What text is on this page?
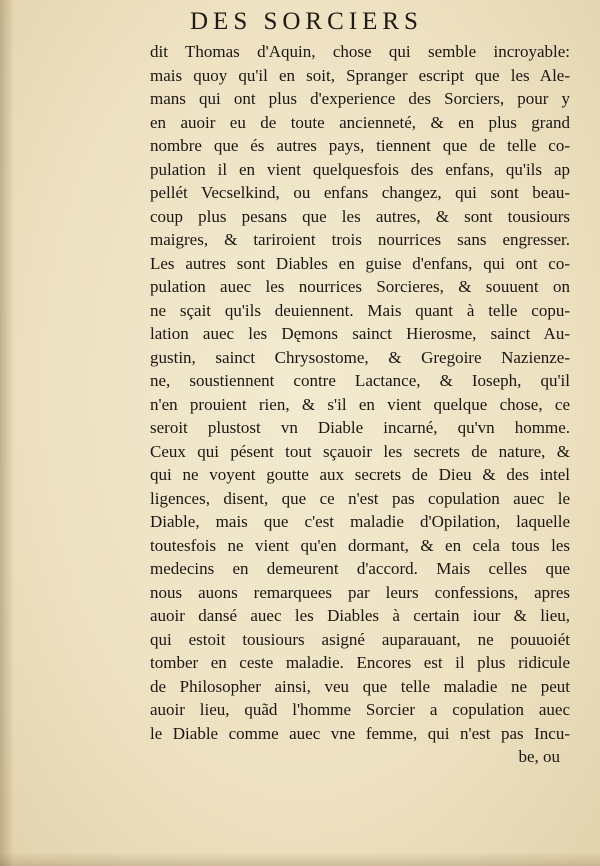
DES SORCIERS
dit Thomas d'Aquin, chose qui semble incroyable:
mais quoy qu'il en soit, Spranger escript que les Ale-
mans qui ont plus d'experience des Sorciers, pour y
en auoir eu de toute ancienneté, & en plus grand
nombre que és autres pays, tiennent que de telle co-
pulation il en vient quelquesfois des enfans, qu'ils ap
pellét Vecselkind, ou enfans changez, qui sont beau-
coup plus pesans que les autres, & sont tousiours
maigres, & tariroient trois nourrices sans engresser.
Les autres sont Diables en guise d'enfans, qui ont co-
pulation auec les nourrices Sorcieres, & souuent on
ne sçait qu'ils deuiennent. Mais quant à telle copu-
lation auec les Dęmons sainct Hierosme, sainct Au-
gustin, sainct Chrysostome, & Gregoire Nazienze-
ne, soustiennent contre Lactance, & Ioseph, qu'il
n'en prouient rien, & s'il en vient quelque chose, ce
seroit plustost vn Diable incarné, qu'vn homme.
Ceux qui pésent tout sçauoir les secrets de nature, &
qui ne voyent goutte aux secrets de Dieu & des intel
ligences, disent, que ce n'est pas copulation auec le
Diable, mais que c'est maladie d'Opilation, laquelle
toutesfois ne vient qu'en dormant, & en cela tous les
medecins en demeurent d'accord. Mais celles que
nous auons remarquees par leurs confessions, apres
auoir dansé auec les Diables à certain iour & lieu,
qui estoit tousiours asigné auparauant, ne pouuoiét
tomber en ceste maladie. Encores est il plus ridicule
de Philosopher ainsi, veu que telle maladie ne peut
auoir lieu, quãd l'homme Sorcier a copulation auec
le Diable comme auec vne femme, qui n'est pas Incu-
be, ou
